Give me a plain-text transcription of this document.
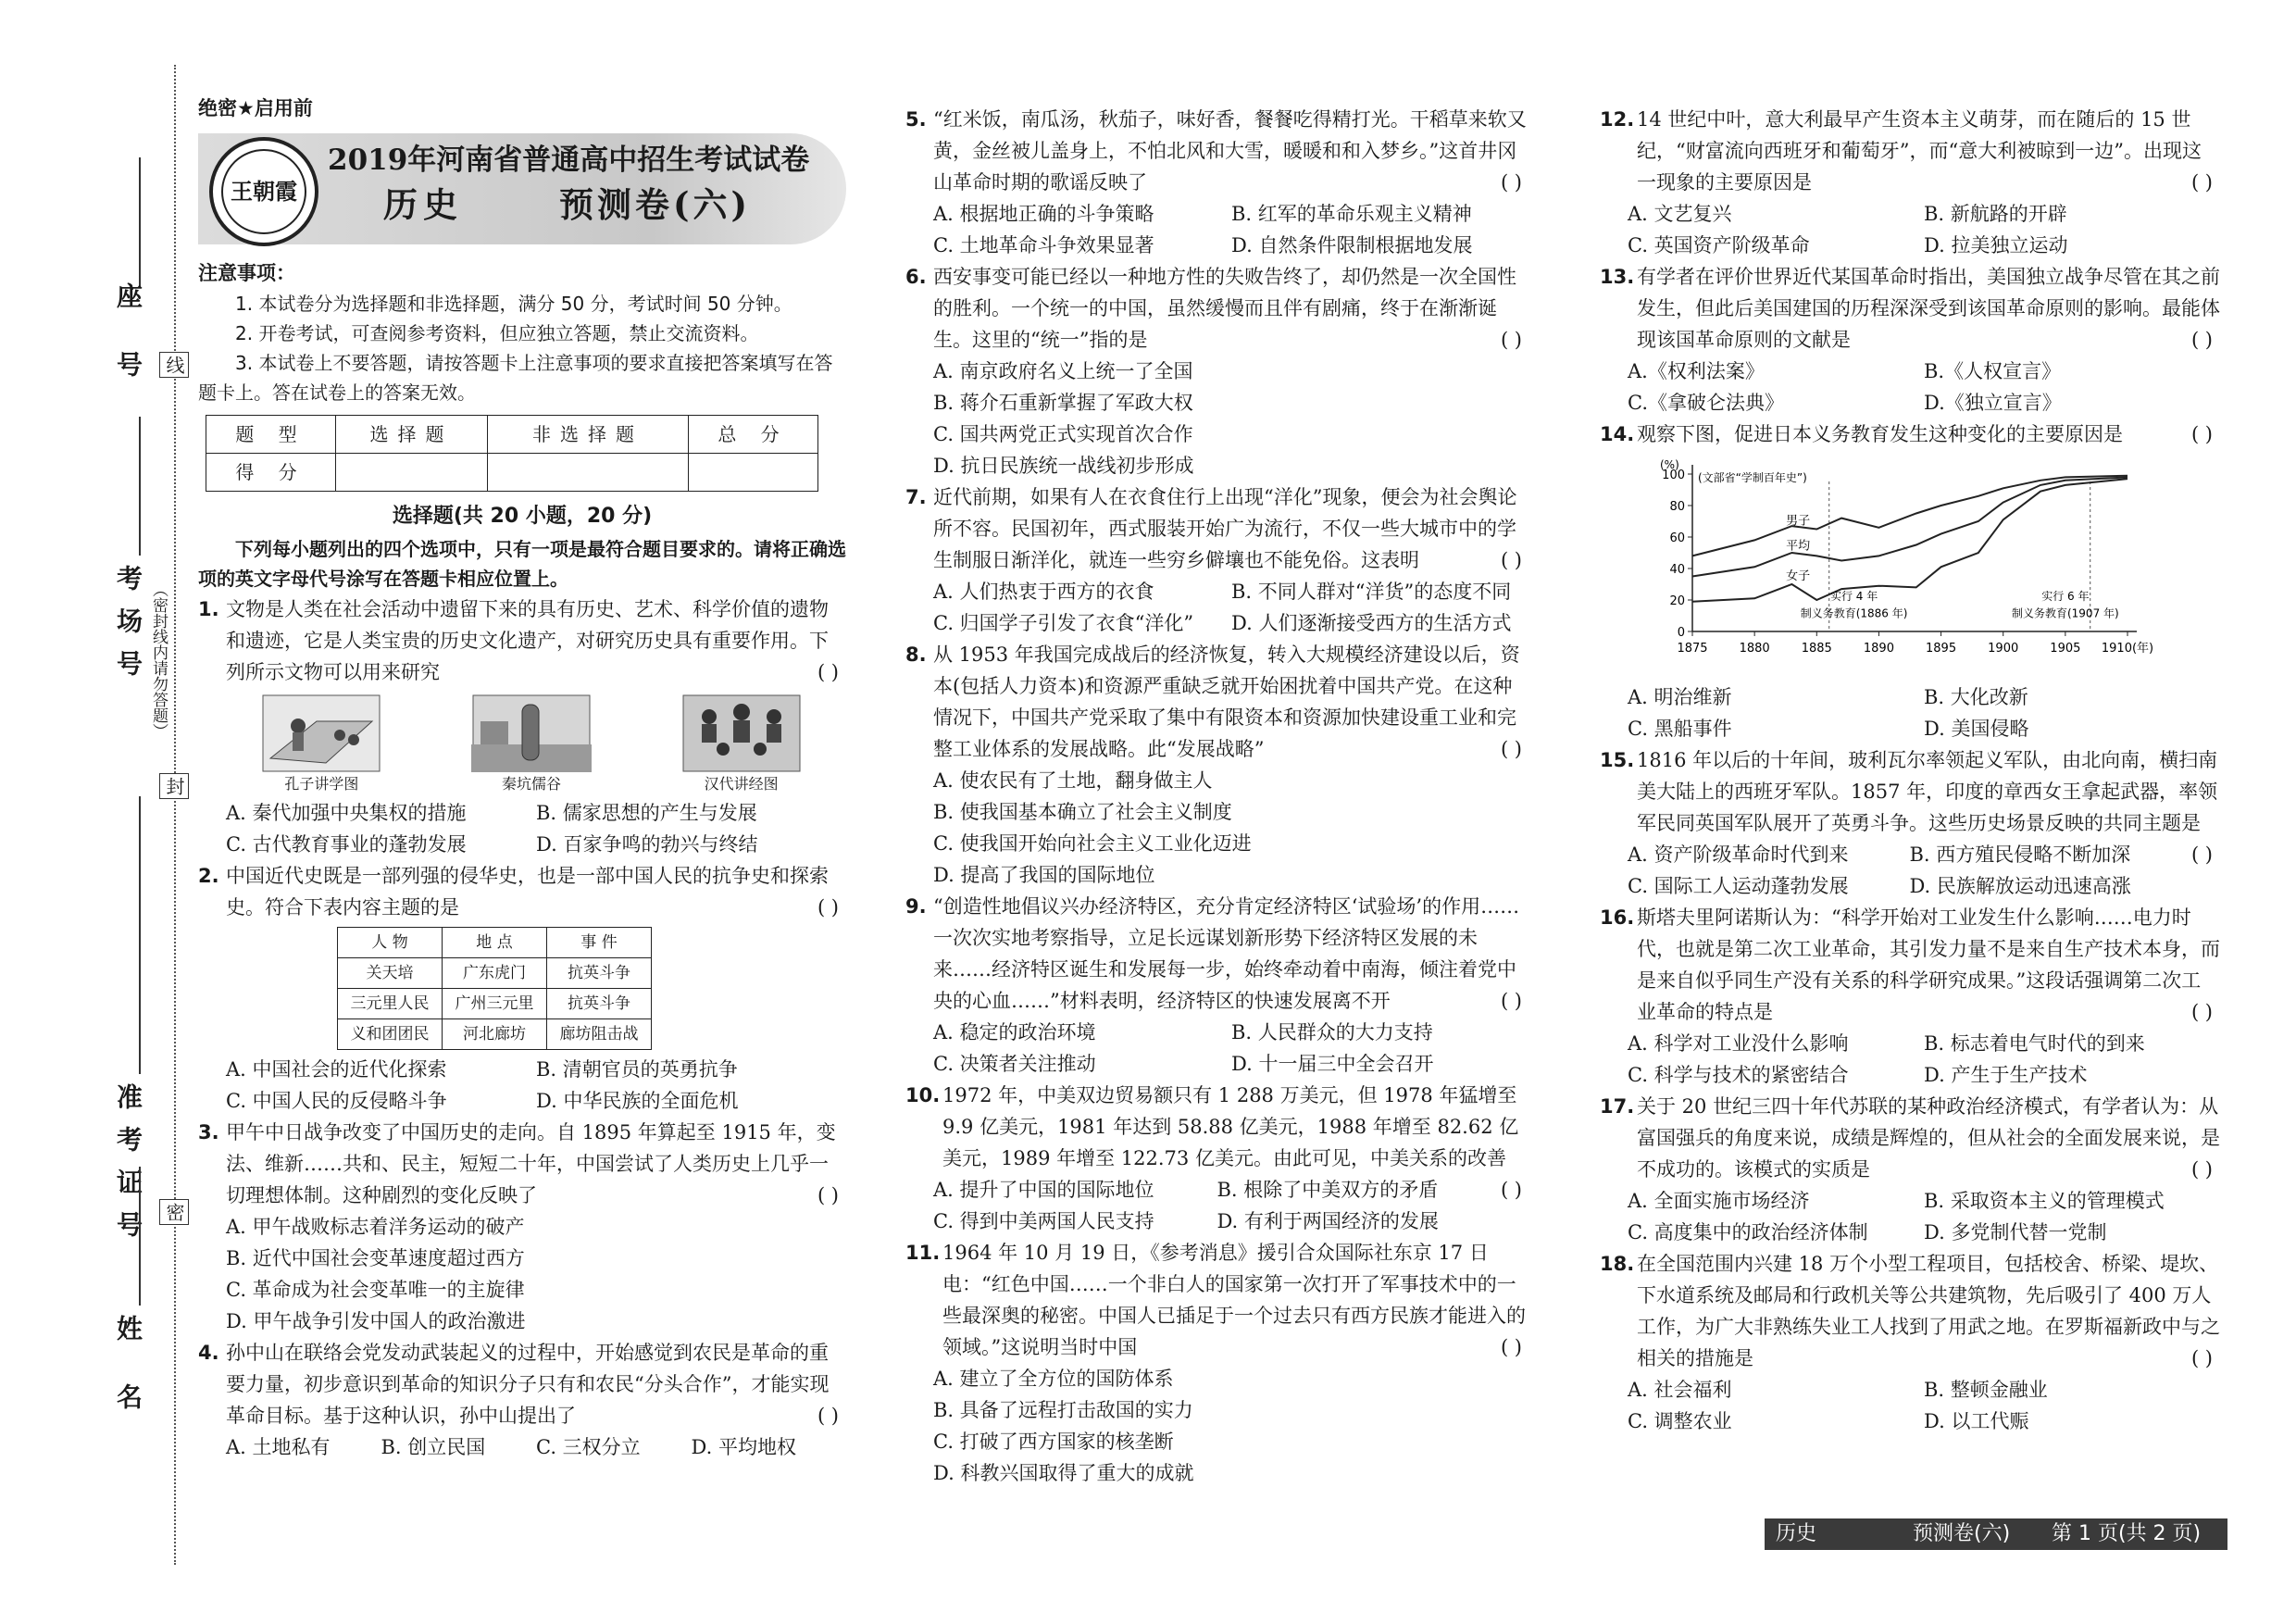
座 号
考场号
准考证号
姓 名
线
（密封线内请勿答题）
封
密
绝密★启用前
王朝霞
2019年河南省普通高中招生考试试卷
历史	预测卷(六)
注意事项：
1. 本试卷分为选择题和非选择题，满分 50 分，考试时间 50 分钟。
2. 开卷考试，可查阅参考资料，但应独立答题，禁止交流资料。
3. 本试卷上不要答题，请按答题卡上注意事项的要求直接把答案填写在答题卡上。答在试卷上的答案无效。
题 型	选择题	非选择题	总 分
得 分			
选择题(共 20 小题，20 分)
下列每小题列出的四个选项中，只有一项是最符合题目要求的。请将正确选项的英文字母代号涂写在答题卡相应位置上。
1. 文物是人类在社会活动中遗留下来的具有历史、艺术、科学价值的遗物和遗迹，它是人类宝贵的历史文化遗产，对研究历史具有重要作用。下列所示文物可以用来研究	( )
孔子讲学图	秦坑儒谷	汉代讲经图
A. 秦代加强中央集权的措施	B. 儒家思想的产生与发展
C. 古代教育事业的蓬勃发展	D. 百家争鸣的勃兴与终结
2. 中国近代史既是一部列强的侵华史，也是一部中国人民的抗争史和探索史。符合下表内容主题的是	( )
人 物	地 点	事 件
关天培	广东虎门	抗英斗争
三元里人民	广州三元里	抗英斗争
义和团团民	河北廊坊	廊坊阻击战
A. 中国社会的近代化探索	B. 清朝官员的英勇抗争
C. 中国人民的反侵略斗争	D. 中华民族的全面危机
3. 甲午中日战争改变了中国历史的走向。自 1895 年算起至 1915 年，变法、维新……共和、民主，短短二十年，中国尝试了人类历史上几乎一切理想体制。这种剧烈的变化反映了	( )
A. 甲午战败标志着洋务运动的破产
B. 近代中国社会变革速度超过西方
C. 革命成为社会变革唯一的主旋律
D. 甲午战争引发中国人的政治激进
4. 孙中山在联络会党发动武装起义的过程中，开始感觉到农民是革命的重要力量，初步意识到革命的知识分子只有和农民“分头合作”，才能实现革命目标。基于这种认识，孙中山提出了	( )
A. 土地私有	B. 创立民国	C. 三权分立	D. 平均地权
5. “红米饭，南瓜汤，秋茄子，味好香，餐餐吃得精打光。干稻草来软又黄，金丝被儿盖身上，不怕北风和大雪，暖暖和和入梦乡。”这首井冈山革命时期的歌谣反映了	( )
A. 根据地正确的斗争策略	B. 红军的革命乐观主义精神
C. 土地革命斗争效果显著	D. 自然条件限制根据地发展
6. 西安事变可能已经以一种地方性的失败告终了，却仍然是一次全国性的胜利。一个统一的中国，虽然缓慢而且伴有剧痛，终于在渐渐诞生。这里的“统一”指的是	( )
A. 南京政府名义上统一了全国
B. 蒋介石重新掌握了军政大权
C. 国共两党正式实现首次合作
D. 抗日民族统一战线初步形成
7. 近代前期，如果有人在衣食住行上出现“洋化”现象，便会为社会舆论所不容。民国初年，西式服装开始广为流行，不仅一些大城市中的学生制服日渐洋化，就连一些穷乡僻壤也不能免俗。这表明	( )
A. 人们热衷于西方的衣食	B. 不同人群对“洋货”的态度不同
C. 归国学子引发了衣食“洋化”	D. 人们逐渐接受西方的生活方式
8. 从 1953 年我国完成战后的经济恢复，转入大规模经济建设以后，资本(包括人力资本)和资源严重缺乏就开始困扰着中国共产党。在这种情况下，中国共产党采取了集中有限资本和资源加快建设重工业和完整工业体系的发展战略。此“发展战略”	( )
A. 使农民有了土地，翻身做主人
B. 使我国基本确立了社会主义制度
C. 使我国开始向社会主义工业化迈进
D. 提高了我国的国际地位
9. “创造性地倡议兴办经济特区，充分肯定经济特区‘试验场’的作用……一次次实地考察指导，立足长远谋划新形势下经济特区发展的未来……经济特区诞生和发展每一步，始终牵动着中南海，倾注着党中央的心血……”材料表明，经济特区的快速发展离不开	( )
A. 稳定的政治环境	B. 人民群众的大力支持
C. 决策者关注推动	D. 十一届三中全会召开
10. 1972 年，中美双边贸易额只有 1 288 万美元，但 1978 年猛增至 9.9 亿美元，1981 年达到 58.88 亿美元，1988 年增至 82.62 亿美元，1989 年增至 122.73 亿美元。由此可见，中美关系的改善
( )
A. 提升了中国的国际地位	B. 根除了中美双方的矛盾
C. 得到中美两国人民支持	D. 有利于两国经济的发展
11. 1964 年 10 月 19 日，《参考消息》援引合众国际社东京 17 日电：“红色中国……一个非白人的国家第一次打开了军事技术中的一些最深奥的秘密。中国人已插足于一个过去只有西方民族才能进入的领域。”这说明当时中国	( )
A. 建立了全方位的国防体系
B. 具备了远程打击敌国的实力
C. 打破了西方国家的核垄断
D. 科教兴国取得了重大的成就
12. 14 世纪中叶，意大利最早产生资本主义萌芽，而在随后的 15 世纪，“财富流向西班牙和葡萄牙”，而“意大利被晾到一边”。出现这一现象的主要原因是	( )
A. 文艺复兴	B. 新航路的开辟
C. 英国资产阶级革命	D. 拉美独立运动
13. 有学者在评价世界近代某国革命时指出，美国独立战争尽管在其之前发生，但此后美国建国的历程深深受到该国革命原则的影响。最能体现该国革命原则的文献是	( )
A.《权利法案》	B.《人权宣言》
C.《拿破仑法典》	D.《独立宣言》
14. 观察下图，促进日本义务教育发生这种变化的主要原因是	( )
0
20
40
60
80
100
(%)
(文部省“学制百年史”)
1875	1880	1885	1890	1895	1900	1905 1910(年)
男子
平均
女子
实行 4 年
制义务教育(1886 年)
实行 6 年
制义务教育(1907 年)
A. 明治维新	B. 大化改新
C. 黑船事件	D. 美国侵略
15. 1816 年以后的十年间，玻利瓦尔率领起义军队，由北向南，横扫南美大陆上的西班牙军队。1857 年，印度的章西女王拿起武器，率领军民同英国军队展开了英勇斗争。这些历史场景反映的共同主题是
( )
A. 资产阶级革命时代到来	B. 西方殖民侵略不断加深
C. 国际工人运动蓬勃发展	D. 民族解放运动迅速高涨
16. 斯塔夫里阿诺斯认为：“科学开始对工业发生什么影响……电力时代，也就是第二次工业革命，其引发力量不是来自生产技术本身，而是来自似乎同生产没有关系的科学研究成果。”这段话强调第二次工业革命的特点是	( )
A. 科学对工业没什么影响	B. 标志着电气时代的到来
C. 科学与技术的紧密结合	D. 产生于生产技术
17. 关于 20 世纪三四十年代苏联的某种政治经济模式，有学者认为：从富国强兵的角度来说，成绩是辉煌的，但从社会的全面发展来说，是不成功的。该模式的实质是	( )
A. 全面实施市场经济	B. 采取资本主义的管理模式
C. 高度集中的政治经济体制	D. 多党制代替一党制
18. 在全国范围内兴建 18 万个小型工程项目，包括校舍、桥梁、堤坎、下水道系统及邮局和行政机关等公共建筑物，先后吸引了 400 万人工作，为广大非熟练失业工人找到了用武之地。在罗斯福新政中与之相关的措施是	( )
A. 社会福利	B. 整顿金融业
C. 调整农业	D. 以工代赈
历史	预测卷(六) 第 1 页(共 2 页)
